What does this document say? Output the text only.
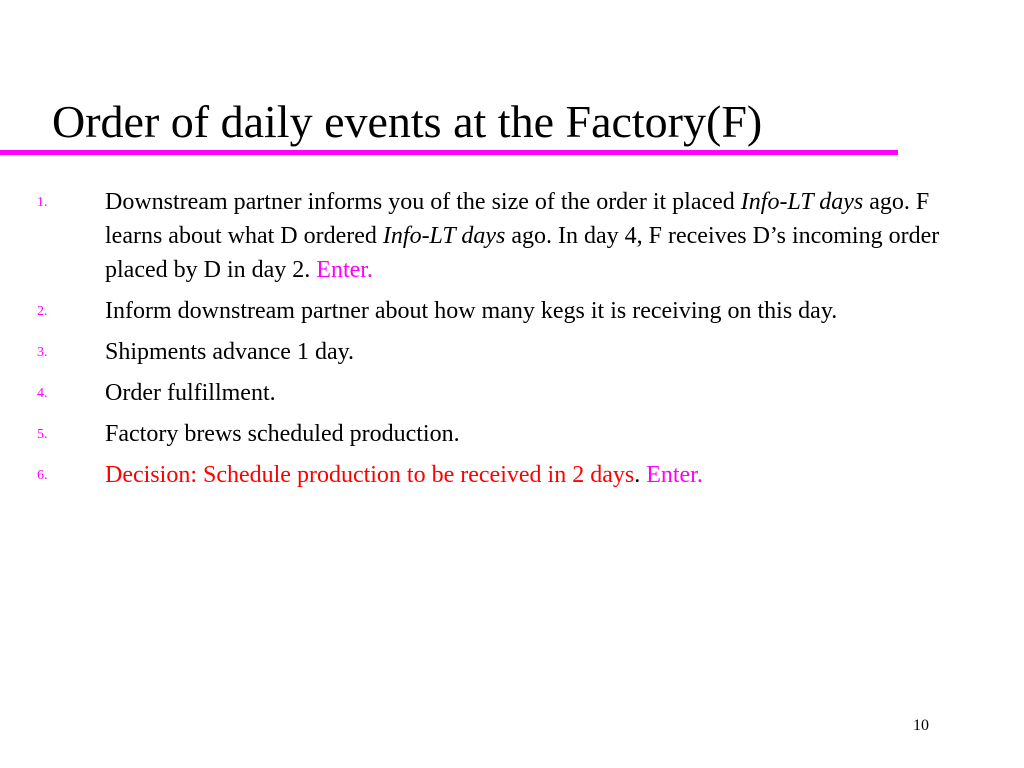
Order of daily events at the Factory(F)
1. Downstream partner informs you of the size of the order it placed Info-LT days ago. F learns about what D ordered Info-LT days ago. In day 4, F receives D’s incoming order placed by D in day 2. Enter.
2. Inform downstream partner about how many kegs it is receiving on this day.
3. Shipments advance 1 day.
4. Order fulfillment.
5. Factory brews scheduled production.
6. Decision: Schedule production to be received in 2 days. Enter.
10
